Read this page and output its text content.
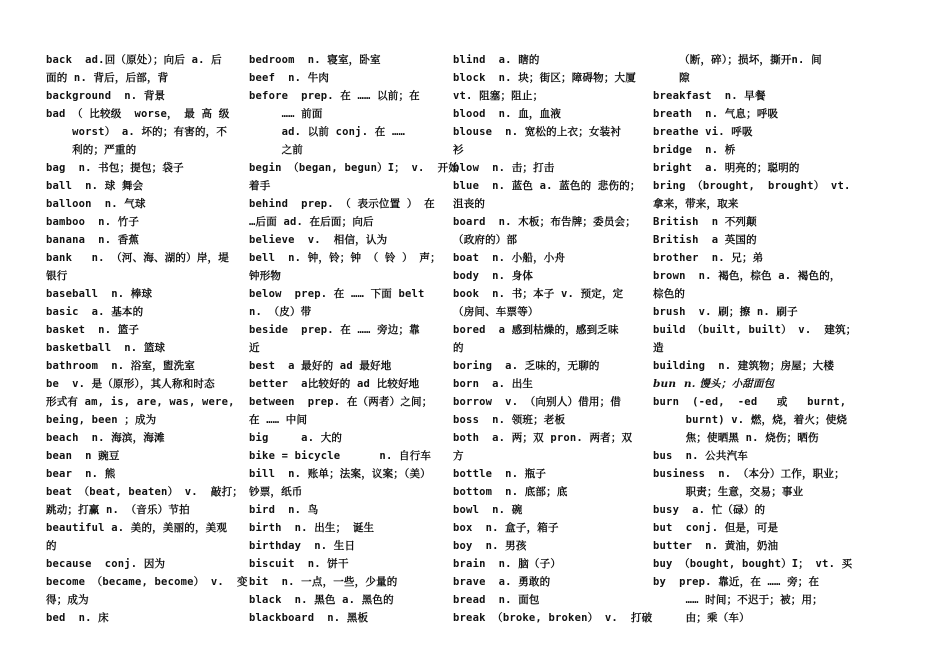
back  ad.回（原处）；向后 a. 后
面的 n. 背后，后部，背
background  n. 背景
bad （ 比较级  worse， 最 高 级
worst） a. 坏的；有害的，不
利的；严重的
bag  n. 书包；提包；袋子
ball  n. 球 舞会
balloon  n. 气球
bamboo  n. 竹子
banana  n. 香蕉
bank   n. （河、海、湖的）岸，堤
银行
baseball  n. 棒球
basic  a. 基本的
basket  n. 篮子
basketball  n. 篮球
bathroom  n. 浴室，盥洗室
be  v. 是（原形），其人称和时态
形式有 am, is, are, was, were,
being, been ；成为
beach  n. 海滨，海滩
bean  n 豌豆
bear  n. 熊
beat （beat, beaten） v.  敲打；
跳动；打赢 n. （音乐）节拍
beautiful a. 美的，美丽的，美观
的
because  conj. 因为
become （became, become） v.  变
得；成为
bed  n. 床
bedroom  n. 寝室，卧室
beef  n. 牛肉
before  prep. 在 …… 以前；在
…… 前面
ad. 以前 conj. 在 ……
之前
begin （began, begun）I； v.  开始
着手
behind  prep. （ 表示位置 ） 在
…后面 ad. 在后面；向后
believe  v.  相信，认为
bell  n. 钟，铃；钟 （ 铃 ） 声；
钟形物
below  prep. 在 …… 下面 belt
n. （皮）带
beside  prep. 在 …… 旁边；靠
近
best  a 最好的 ad 最好地
better  a比较好的 ad 比较好地
between  prep. 在（两者）之间；
在 …… 中间
big     a. 大的
bike = bicycle      n. 自行车
bill  n. 账单；法案，议案；（美）
钞票，纸币
bird  n. 鸟
birth  n. 出生； 诞生
birthday  n. 生日
biscuit  n. 饼干
bit  n. 一点，一些，少量的
black  n. 黑色 a. 黑色的
blackboard  n. 黑板
blind  a. 瞎的
block  n. 块；街区；障碍物；大厦
vt. 阻塞；阻止；
blood  n. 血，血液
blouse  n. 宽松的上衣；女装衬
衫
blow  n. 击；打击
blue  n. 蓝色 a. 蓝色的 悲伤的；
沮丧的
board  n. 木板；布告牌；委员会；
（政府的）部
boat  n. 小船，小舟
body  n. 身体
book  n. 书；本子 v. 预定，定
（房间、车票等）
bored  a 感到枯燥的，感到乏味
的
boring  a. 乏味的，无聊的
born  a. 出生
borrow  v. （向别人）借用；借
boss  n. 领班；老板
both  a. 两；双 pron. 两者；双
方
bottle  n. 瓶子
bottom  n. 底部；底
bowl  n. 碗
box  n. 盒子，箱子
boy  n. 男孩
brain  n. 脑（子）
brave  a. 勇敢的
bread  n. 面包
break （broke, broken） v.  打破
（断，碎）；损坏，撕开n. 间
隙
breakfast  n. 早餐
breath  n. 气息；呼吸
breathe vi. 呼吸
bridge  n. 桥
bright  a. 明亮的；聪明的
bring （brought,  brought） vt.
拿来，带来，取来
British  n 不列颠
British  a 英国的
brother  n. 兄；弟
brown  n. 褐色，棕色 a. 褐色的，
棕色的
brush  v. 刷；擦 n. 刷子
build （built, built） v.  建筑；
造
building  n. 建筑物；房屋；大楼
bun  n. 馒头；小甜面包
burn  (-ed,  -ed   或   burnt,
burnt) v. 燃，烧，着火；使烧
焦；使晒黑 n. 烧伤；晒伤
bus  n. 公共汽车
business  n. （本分）工作，职业；
职责；生意，交易；事业
busy  a. 忙（碌）的
but  conj. 但是，可是
butter  n. 黄油，奶油
buy （bought, bought）I； vt. 买
by  prep. 靠近，在 …… 旁；在
…… 时间；不迟于；被；用；
由；乘（车）
